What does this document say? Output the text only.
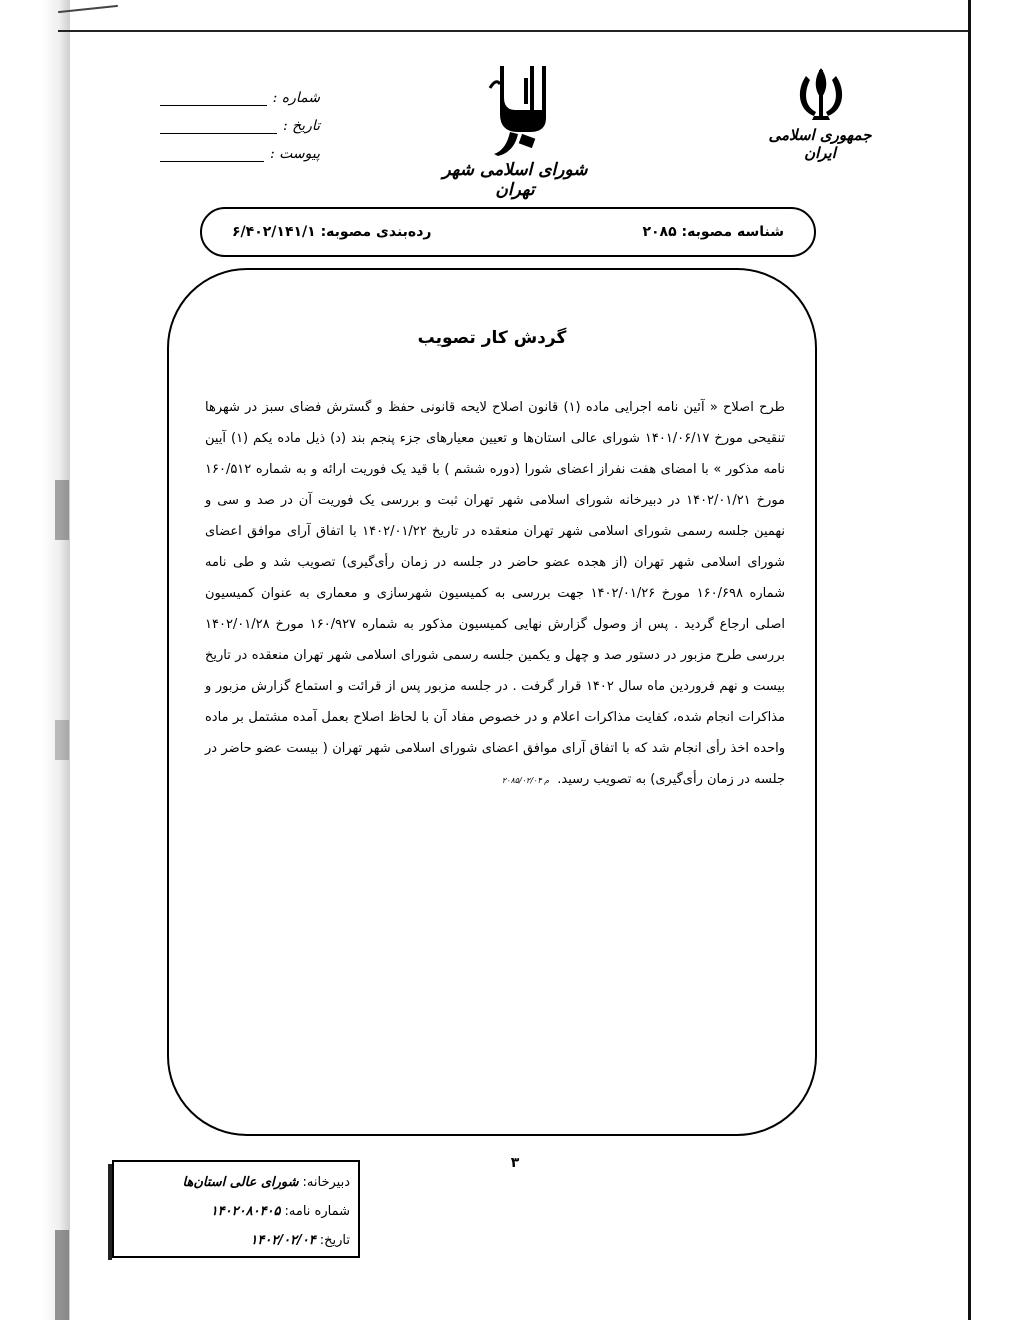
شماره :
تاریخ :
پیوست :
شورای اسلامی شهر تهران
جمهوری اسلامی ایران
شناسه مصوبه: ۲۰۸۵
رده‌بندی مصوبه: ۶/۴۰۲/۱۴۱/۱
گردش کار تصویب

طرح اصلاح « آئین نامه اجرایی ماده (۱) قانون اصلاح لایحه قانونی حفظ و گسترش فضای سبز در شهرها تنقیحی مورخ ۱۴۰۱/۰۶/۱۷ شورای عالی استان‌ها و تعیین معیارهای جزء پنجم بند (د) ذیل ماده یکم (۱) آیین نامه مذکور » با امضای هفت نفراز اعضای شورا (دوره ششم ) با قید یک فوریت ارائه و به شماره ۱۶۰/۵۱۲ مورخ ۱۴۰۲/۰۱/۲۱ در دبیرخانه شورای اسلامی شهر تهران ثبت و بررسی یک فوریت آن در صد و سی و نهمین جلسه رسمی شورای اسلامی شهر تهران منعقده در تاریخ ۱۴۰۲/۰۱/۲۲ با اتفاق آرای موافق اعضای شورای اسلامی شهر تهران (از هجده عضو حاضر در جلسه در زمان رأی‌گیری) تصویب شد و طی نامه شماره ۱۶۰/۶۹۸ مورخ ۱۴۰۲/۰۱/۲۶ جهت بررسی به کمیسیون شهرسازی و معماری به عنوان کمیسیون اصلی ارجاع گردید . پس از وصول گزارش نهایی کمیسیون مذکور به شماره ۱۶۰/۹۲۷ مورخ ۱۴۰۲/۰۱/۲۸ بررسی طرح مزبور در دستور صد و چهل و یکمین جلسه رسمی شورای اسلامی شهر تهران منعقده در تاریخ بیست و نهم فروردین ماه سال ۱۴۰۲ قرار گرفت . در جلسه مزبور پس از قرائت و استماع گزارش مزبور و مذاکرات انجام شده، کفایت مذاکرات اعلام و در خصوص مفاد آن با لحاظ اصلاح بعمل آمده مشتمل بر ماده واحده اخذ رأی انجام شد که با اتفاق آرای موافق اعضای شورای اسلامی شهر تهران ( بیست عضو حاضر در جلسه در زمان رأی‌گیری) به تصویب رسید. م ۲۰۸۵/۰۲/۰۴

۳
دبیرخانه:
شورای عالی استان‌ها
شماره نامه:
۱۴۰۲۰۸۰۴۰۵
تاریخ:
۱۴۰۲/۰۲/۰۴
